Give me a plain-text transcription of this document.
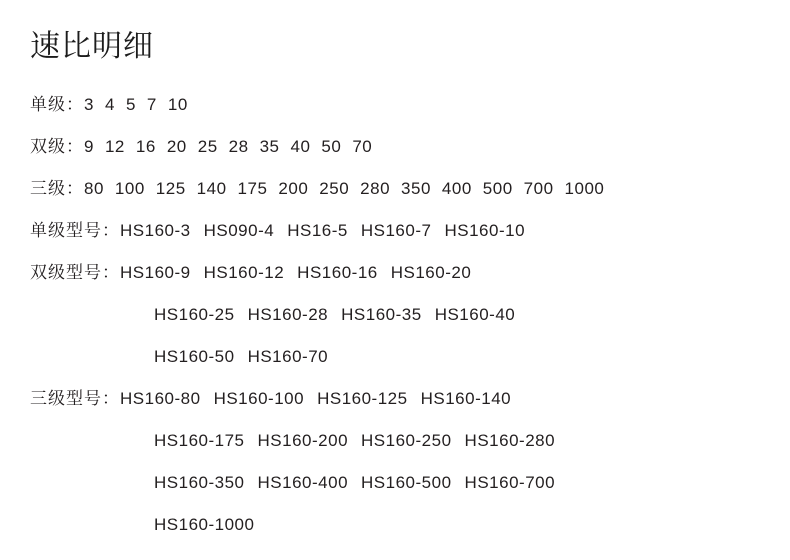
速比明细
单级： 3 4 5 7 10
双级： 9 12 16 20 25 28 35 40 50 70
三级： 80 100 125 140 175 200 250 280 350 400 500 700 1000
单级型号： HS160-3 HS090-4 HS16-5 HS160-7 HS160-10
双级型号： HS160-9 HS160-12 HS160-16 HS160-20
HS160-25 HS160-28 HS160-35 HS160-40
HS160-50 HS160-70
三级型号： HS160-80 HS160-100 HS160-125 HS160-140
HS160-175 HS160-200 HS160-250 HS160-280
HS160-350 HS160-400 HS160-500 HS160-700
HS160-1000
